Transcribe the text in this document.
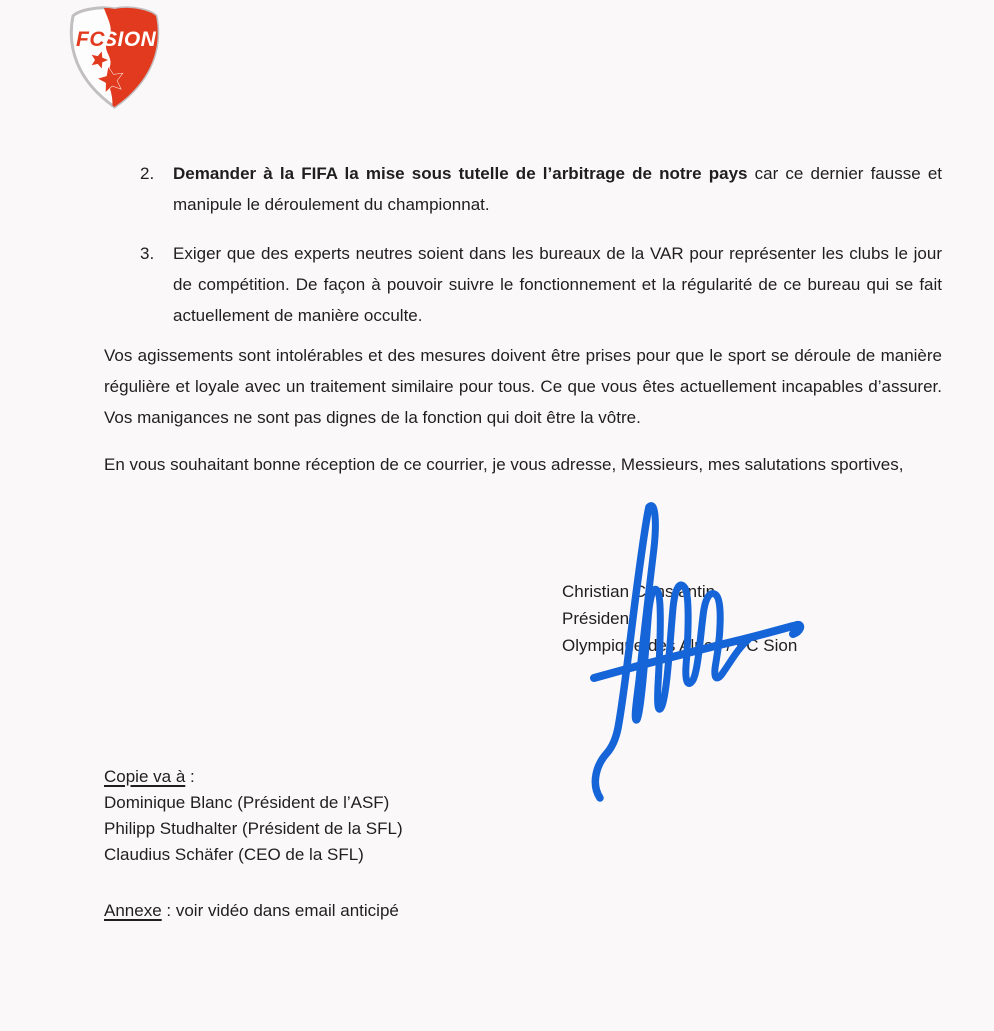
FC
SION
2. Demander à la FIFA la mise sous tutelle de l’arbitrage de notre pays car ce dernier fausse et manipule le déroulement du championnat.

3. Exiger que des experts neutres soient dans les bureaux de la VAR pour représenter les clubs le jour de compétition. De façon à pouvoir suivre le fonctionnement et la régularité de ce bureau qui se fait actuellement de manière occulte.

Vos agissements sont intolérables et des mesures doivent être prises pour que le sport se déroule de manière régulière et loyale avec un traitement similaire pour tous. Ce que vous êtes actuellement incapables d’assurer. Vos manigances ne sont pas dignes de la fonction qui doit être la vôtre.

En vous souhaitant bonne réception de ce courrier, je vous adresse, Messieurs, mes salutations sportives,

Christian Constantin
Président
Olympique des Alpes / FC Sion
Copie va à :
Dominique Blanc (Président de l’ASF)
Philipp Studhalter (Président de la SFL)
Claudius Schäfer (CEO de la SFL)
Annexe : voir vidéo dans email anticipé
